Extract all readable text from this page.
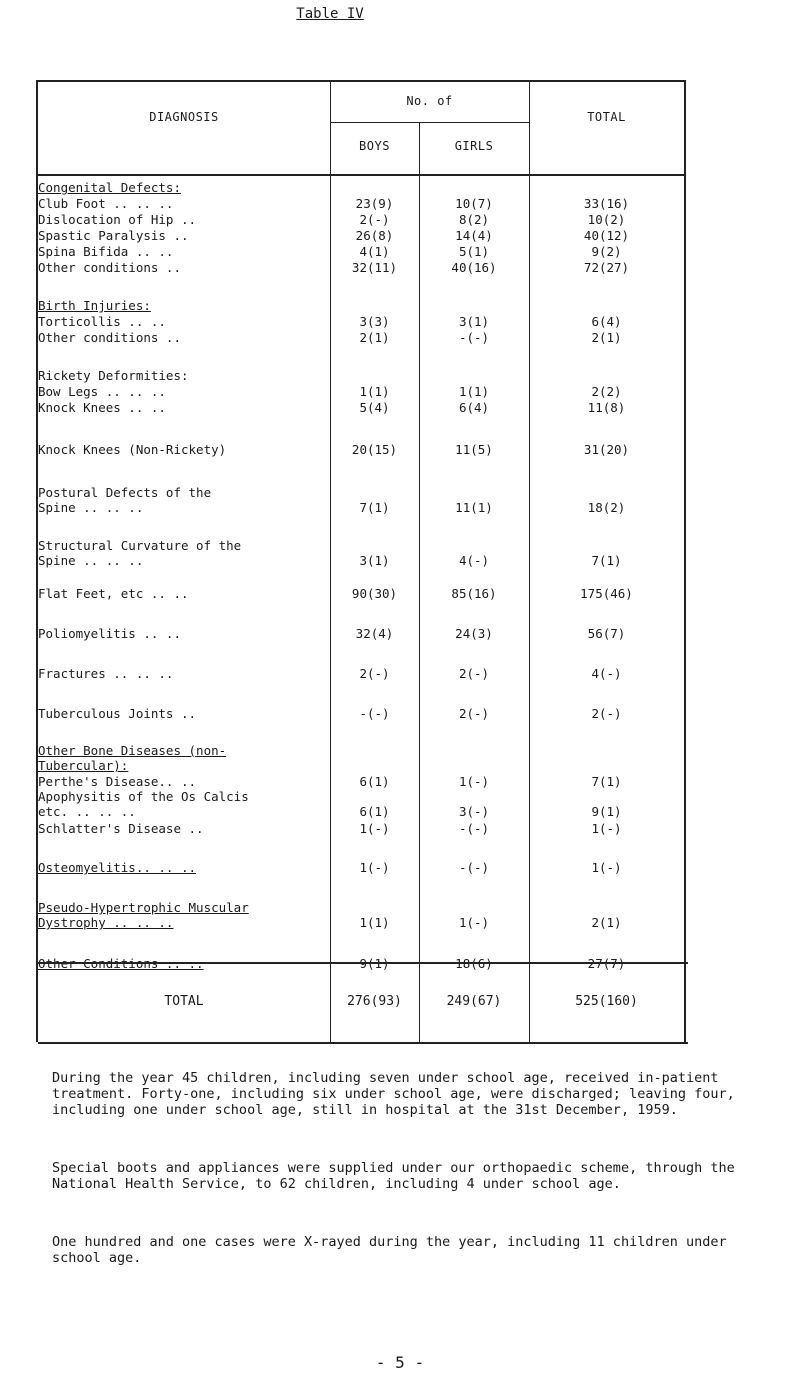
Table IV
DIAGNOSIS
No. of
BOYS	GIRLS
TOTAL
Congenital Defects:
Club Foot .. .. ..	23(9)	10(7)	33(16)
Dislocation of Hip ..	2(-)	8(2)	10(2)
Spastic Paralysis ..	26(8)	14(4)	40(12)
Spina Bifida .. ..	4(1)	5(1)	9(2)
Other conditions ..	32(11)	40(16)	72(27)
Birth Injuries:
Torticollis .. ..	3(3)	3(1)	6(4)
Other conditions ..	2(1)	-(-)	2(1)
Rickety Deformities:
Bow Legs .. .. ..	1(1)	1(1)	2(2)
Knock Knees .. ..	5(4)	6(4)	11(8)
Knock Knees (Non-Rickety)	20(15)	11(5)	31(20)
Postural Defects of the
Spine .. .. ..	7(1)	11(1)	18(2)
Structural Curvature of the
Spine .. .. ..	3(1)	4(-)	7(1)
Flat Feet, etc .. ..	90(30)	85(16)	175(46)
Poliomyelitis .. ..	32(4)	24(3)	56(7)
Fractures .. .. ..	2(-)	2(-)	4(-)
Tuberculous Joints ..	-(-)	2(-)	2(-)
Other Bone Diseases (non-
Tubercular):
Perthe's Disease.. ..	6(1)	1(-)	7(1)
Apophysitis of the Os Calcis
etc. .. .. ..	6(1)	3(-)	9(1)
Schlatter's Disease ..	1(-)	-(-)	1(-)
Osteomyelitis.. .. ..	1(-)	-(-)	1(-)
Pseudo-Hypertrophic Muscular
Dystrophy .. .. ..	1(1)	1(-)	2(1)
Other Conditions .. ..	9(1)	18(6)	27(7)
TOTAL	276(93)	249(67)	525(160)
During the year 45 children, including seven under school age, received in-patient treatment. Forty-one, including six under school age, were discharged; leaving four, including one under school age, still in hospital at the 31st December, 1959.
Special boots and appliances were supplied under our orthopaedic scheme, through the National Health Service, to 62 children, including 4 under school age.
One hundred and one cases were X-rayed during the year, including 11 children under school age.
- 5 -
